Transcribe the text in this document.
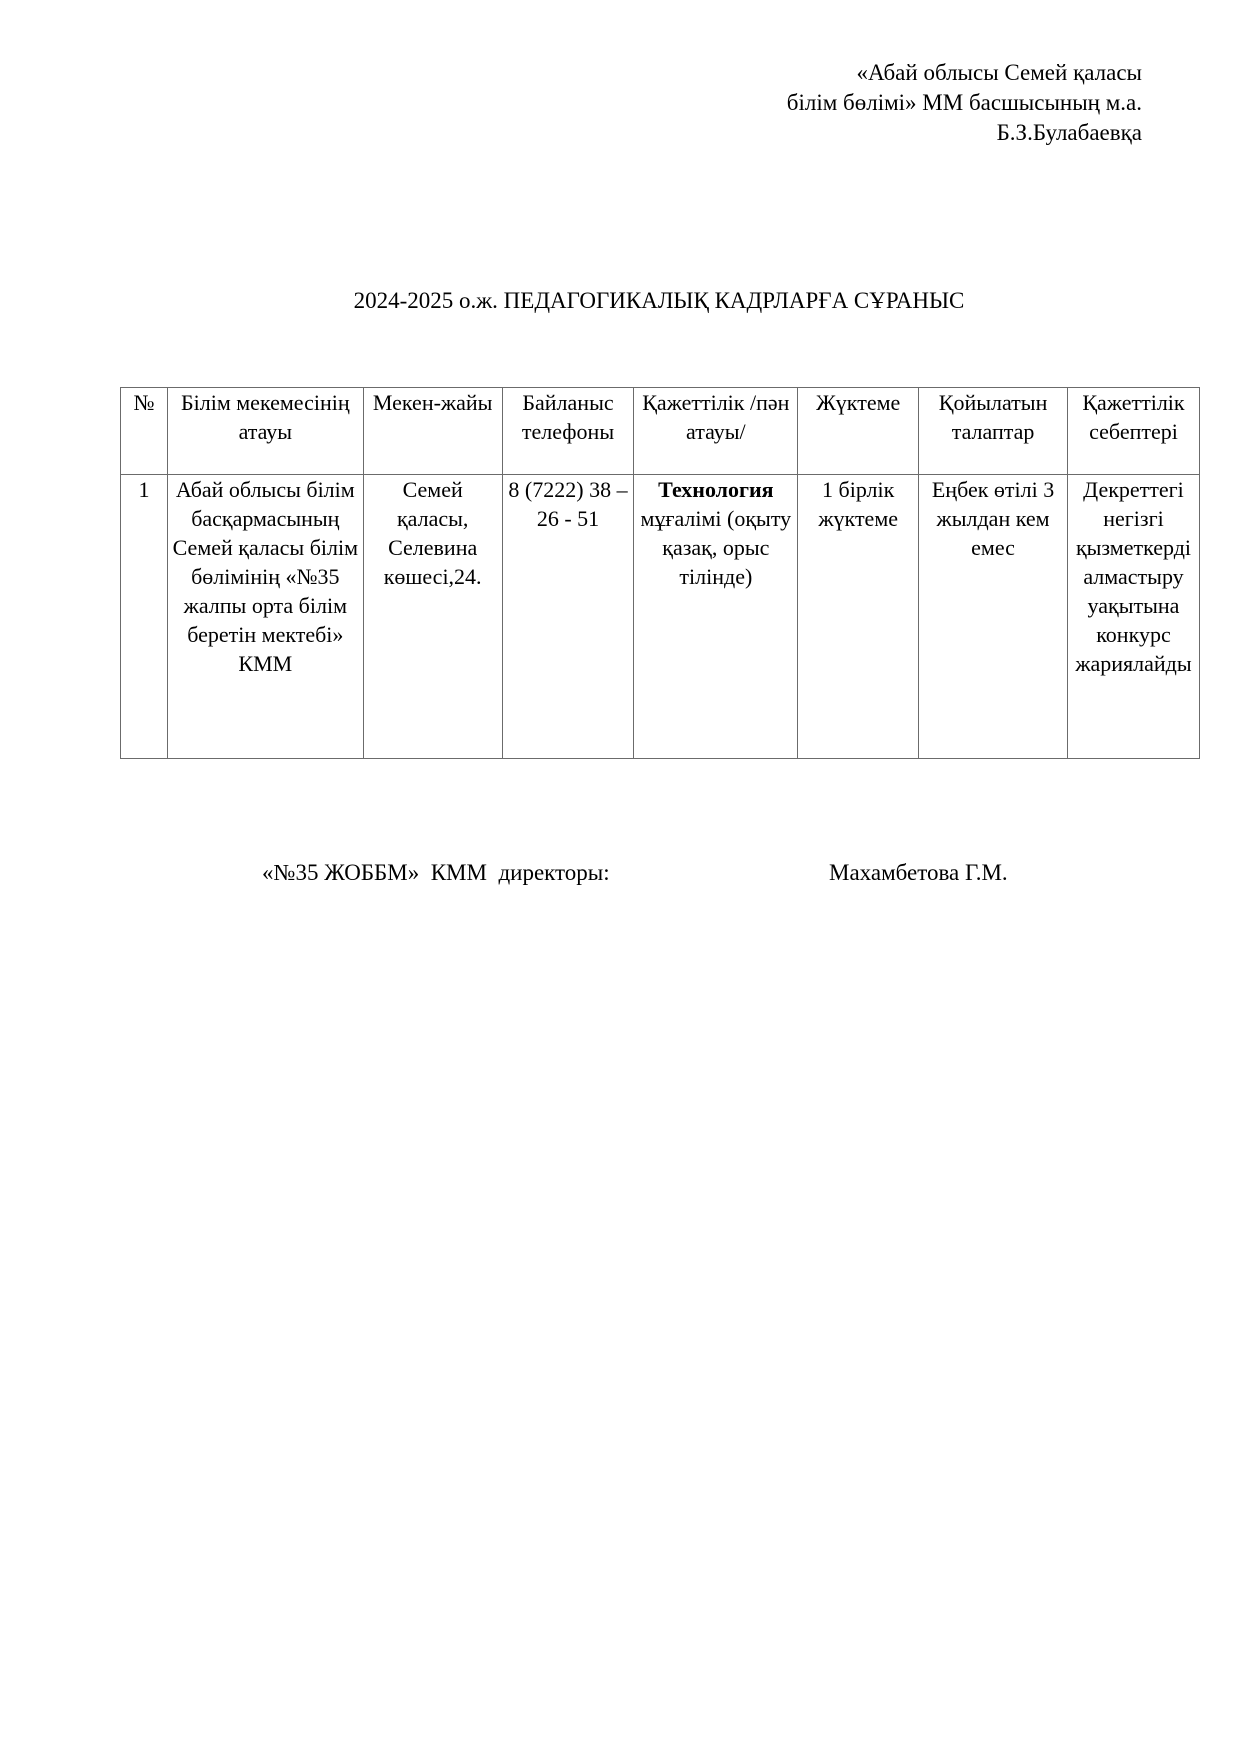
«Абай облысы Семей қаласы
білім бөлімі» ММ басшысының м.а.
Б.З.Булабаевқа
2024-2025 о.ж. ПЕДАГОГИКАЛЫҚ КАДРЛАРҒА СҰРАНЫС
№	Білім мекемесінің атауы	Мекен-жайы	Байланыс телефоны	Қажеттілік /пән атауы/	Жүктеме	Қойылатын талаптар	Қажеттілік себептері
1	Абай облысы білім басқармасының Семей қаласы білім бөлімінің «№35 жалпы орта білім беретін мектебі» КММ	Семей қаласы, Селевина көшесі,24.	8 (7222) 38 – 26 - 51	Технология мұғалімі (оқыту қазақ, орыс тілінде)	1 бірлік жүктеме	Еңбек өтілі 3 жылдан кем емес	Декреттегі негізгі қызметкерді алмастыру уақытына конкурс жариялайды
«№35 ЖОББМ»  КММ  директоры:	Махамбетова Г.М.
